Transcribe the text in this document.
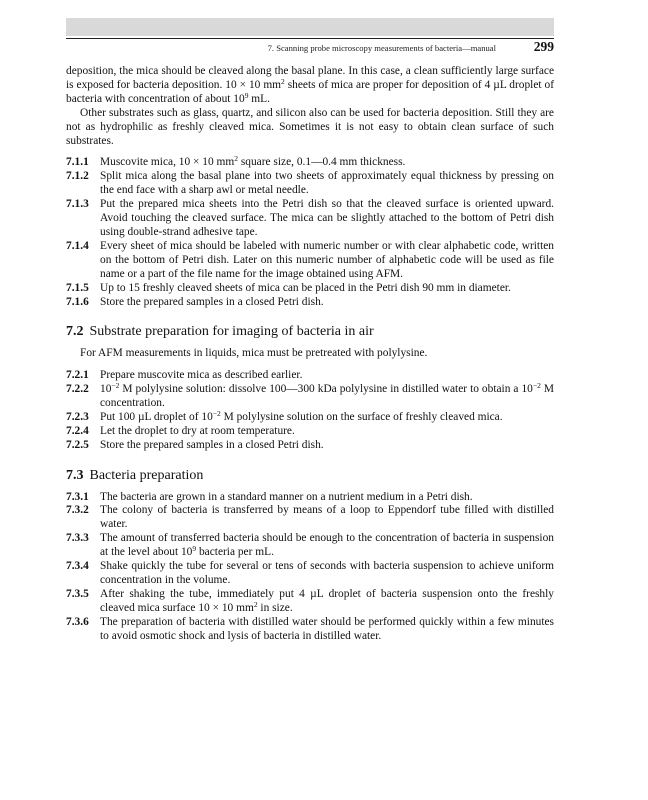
7. Scanning probe microscopy measurements of bacteria—manual	299

deposition, the mica should be cleaved along the basal plane. In this case, a clean sufficiently large surface is exposed for bacteria deposition. 10 × 10 $mm^2$ sheets of mica are proper for deposition of 4 µL droplet of bacteria with concentration of about $10^9$ mL.

Other substrates such as glass, quartz, and silicon also can be used for bacteria deposition. Still they are not as hydrophilic as freshly cleaved mica. Sometimes it is not easy to obtain clean surface of such substrates.

7.1.1 Muscovite mica, 10 × 10 $mm^2$ square size, 0.1—0.4 mm thickness.
7.1.2 Split mica along the basal plane into two sheets of approximately equal thickness by pressing on the end face with a sharp awl or metal needle.
7.1.3 Put the prepared mica sheets into the Petri dish so that the cleaved surface is oriented upward. Avoid touching the cleaved surface. The mica can be slightly attached to the bottom of Petri dish using double-strand adhesive tape.
7.1.4 Every sheet of mica should be labeled with numeric number or with clear alphabetic code, written on the bottom of Petri dish. Later on this numeric number of alphabetic code will be used as file name or a part of the file name for the image obtained using AFM.
7.1.5 Up to 15 freshly cleaved sheets of mica can be placed in the Petri dish 90 mm in diameter.
7.1.6 Store the prepared samples in a closed Petri dish.
7.2 Substrate preparation for imaging of bacteria in air

For AFM measurements in liquids, mica must be pretreated with polylysine.

7.2.1 Prepare muscovite mica as described earlier.
7.2.2 $10^{-2}$ M polylysine solution: dissolve 100—300 kDa polylysine in distilled water to obtain a $10^{-2}$ M concentration.
7.2.3 Put 100 µL droplet of $10^{-2}$ M polylysine solution on the surface of freshly cleaved mica.
7.2.4 Let the droplet to dry at room temperature.
7.2.5 Store the prepared samples in a closed Petri dish.
7.3 Bacteria preparation
7.3.1 The bacteria are grown in a standard manner on a nutrient medium in a Petri dish.
7.3.2 The colony of bacteria is transferred by means of a loop to Eppendorf tube filled with distilled water.
7.3.3 The amount of transferred bacteria should be enough to the concentration of bacteria in suspension at the level about $10^9$ bacteria per mL.
7.3.4 Shake quickly the tube for several or tens of seconds with bacteria suspension to achieve uniform concentration in the volume.
7.3.5 After shaking the tube, immediately put 4 µL droplet of bacteria suspension onto the freshly cleaved mica surface 10 × 10 $mm^2$ in size.
7.3.6 The preparation of bacteria with distilled water should be performed quickly within a few minutes to avoid osmotic shock and lysis of bacteria in distilled water.
